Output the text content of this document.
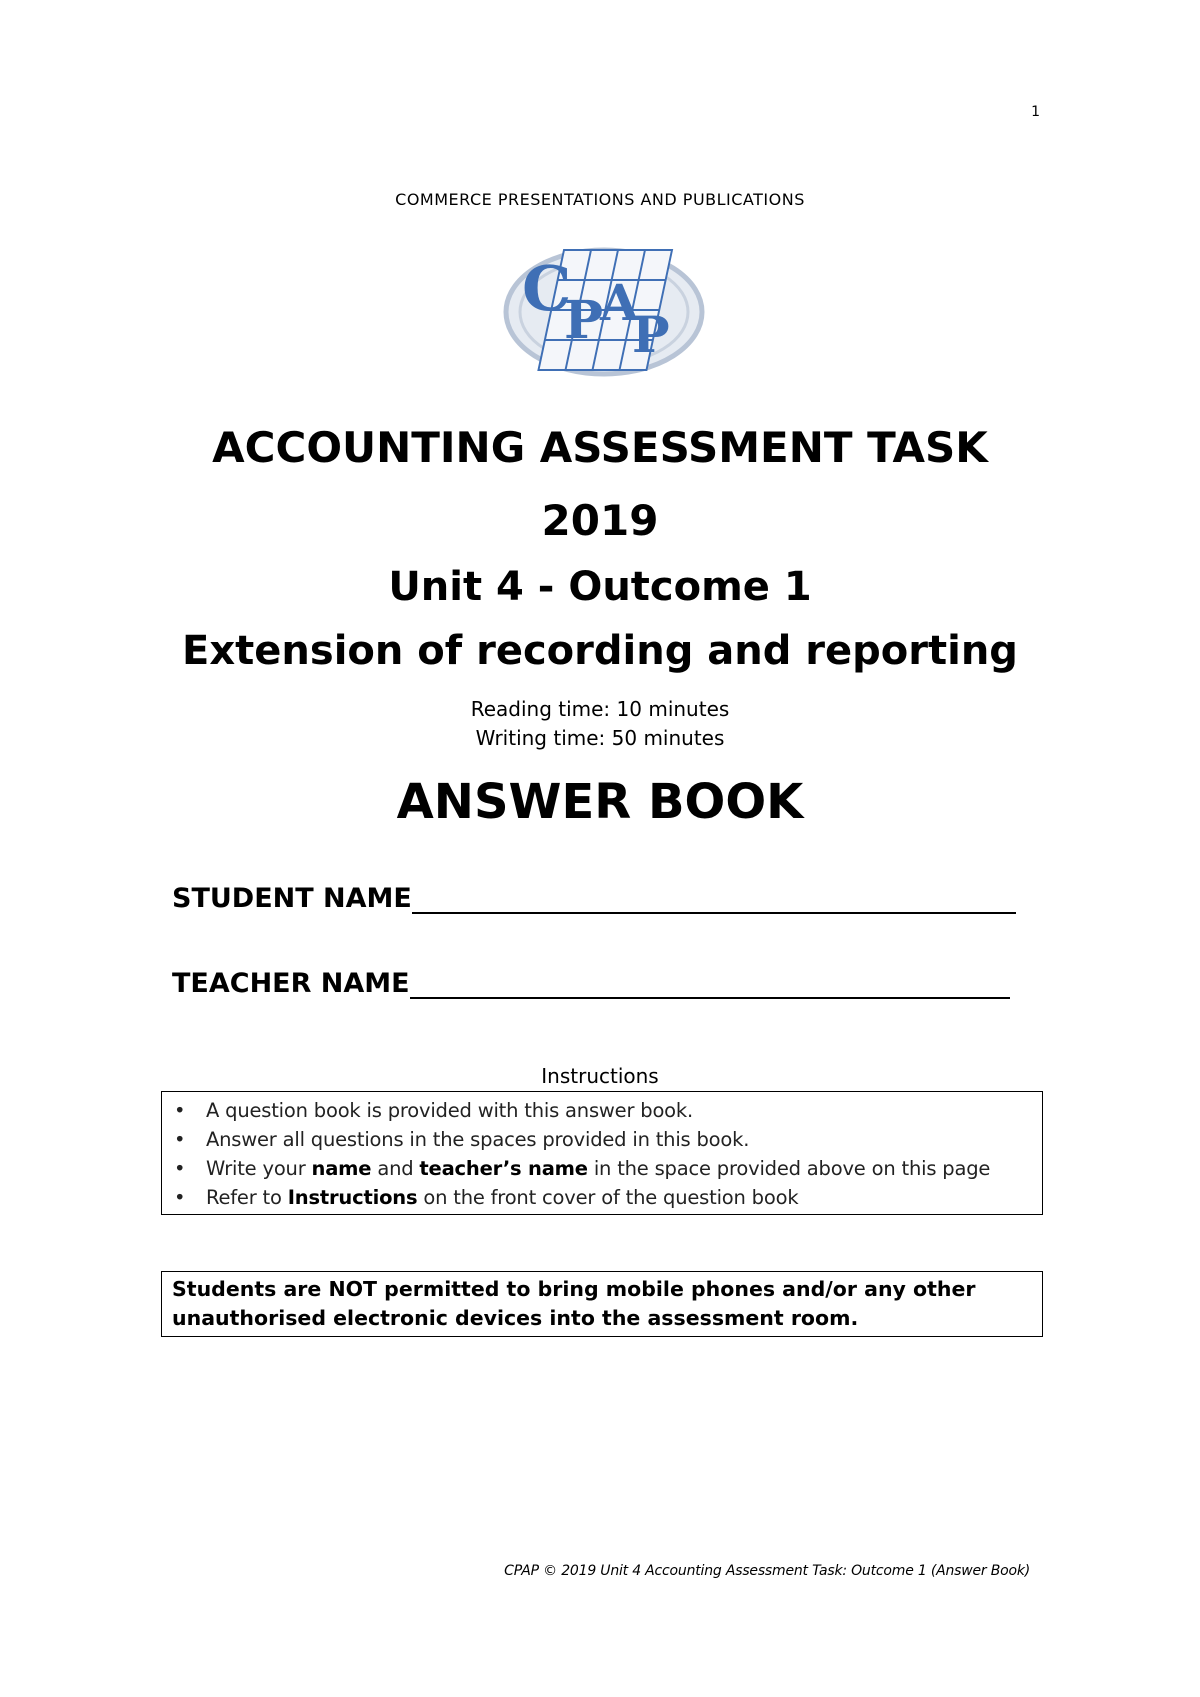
1
COMMERCE PRESENTATIONS AND PUBLICATIONS
C
P
A
P
ACCOUNTING ASSESSMENT TASK
2019
Unit 4 - Outcome 1
Extension of recording and reporting
Reading time: 10 minutes
Writing time: 50 minutes
ANSWER BOOK
STUDENT NAME
TEACHER NAME
Instructions
• A question book is provided with this answer book.
• Answer all questions in the spaces provided in this book.
• Write your name and teacher’s name in the space provided above on this page
• Refer to Instructions on the front cover of the question book
Students are NOT permitted to bring mobile phones and/or any other unauthorised electronic devices into the assessment room.
CPAP © 2019 Unit 4 Accounting Assessment Task: Outcome 1 (Answer Book)
